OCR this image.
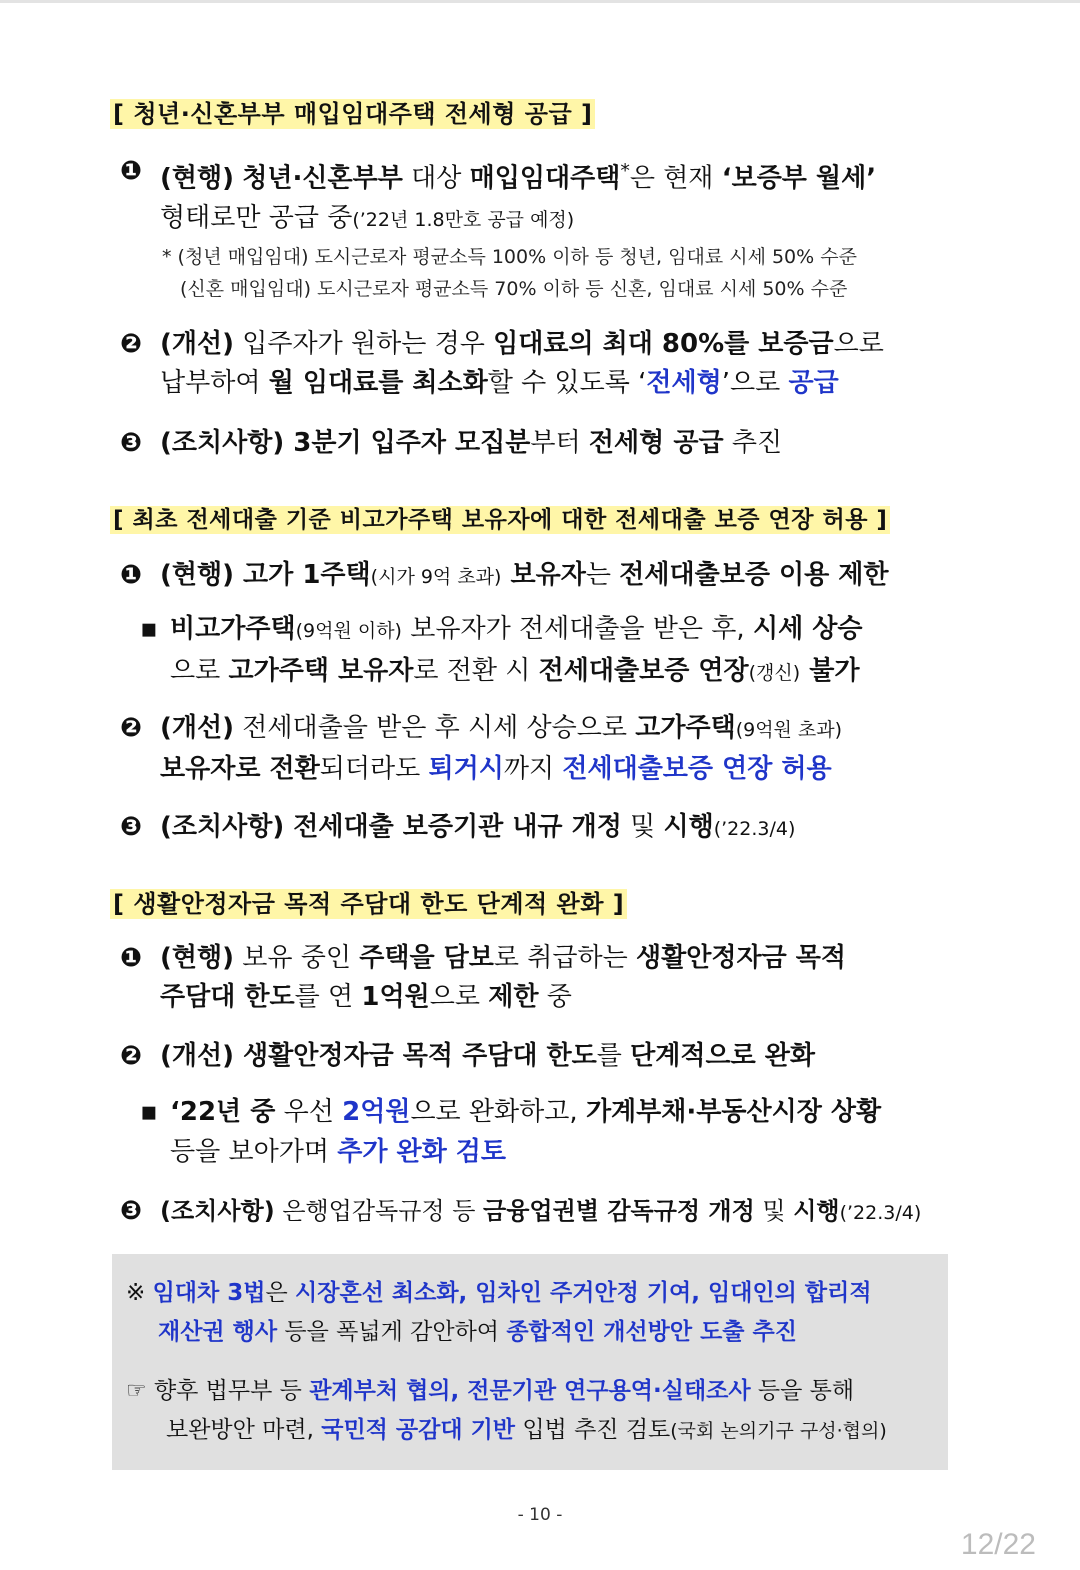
[ 청년·신혼부부 매입임대주택 전세형 공급 ]
❶ (현행) 청년·신혼부부 대상 매입임대주택*은 현재 ‘보증부 월세’
형태로만 공급 중(’22년 1.8만호 공급 예정)
* (청년 매입임대) 도시근로자 평균소득 100% 이하 등 청년, 임대료 시세 50% 수준
(신혼 매입임대) 도시근로자 평균소득 70% 이하 등 신혼, 임대료 시세 50% 수준
❷ (개선) 입주자가 원하는 경우 임대료의 최대 80%를 보증금으로
납부하여 월 임대료를 최소화할 수 있도록 ‘전세형’으로 공급
❸ (조치사항) 3분기 입주자 모집분부터 전세형 공급 추진
[ 최초 전세대출 기준 비고가주택 보유자에 대한 전세대출 보증 연장 허용 ]
❶ (현행) 고가 1주택(시가 9억 초과) 보유자는 전세대출보증 이용 제한
▪ 비고가주택(9억원 이하) 보유자가 전세대출을 받은 후, 시세 상승
으로 고가주택 보유자로 전환 시 전세대출보증 연장(갱신) 불가
❷ (개선) 전세대출을 받은 후 시세 상승으로 고가주택(9억원 초과)
보유자로 전환되더라도 퇴거시까지 전세대출보증 연장 허용
❸ (조치사항) 전세대출 보증기관 내규 개정 및 시행(’22.3/4)
[ 생활안정자금 목적 주담대 한도 단계적 완화 ]
❶ (현행) 보유 중인 주택을 담보로 취급하는 생활안정자금 목적
주담대 한도를 연 1억원으로 제한 중
❷ (개선) 생활안정자금 목적 주담대 한도를 단계적으로 완화
▪ ‘22년 중 우선 2억원으로 완화하고, 가계부채·부동산시장 상황
등을 보아가며 추가 완화 검토
❸ (조치사항) 은행업감독규정 등 금융업권별 감독규정 개정 및 시행(’22.3/4)
※ 임대차 3법은 시장혼선 최소화, 임차인 주거안정 기여, 임대인의 합리적
재산권 행사 등을 폭넓게 감안하여 종합적인 개선방안 도출 추진
☞ 향후 법무부 등 관계부처 협의, 전문기관 연구용역·실태조사 등을 통해
보완방안 마련, 국민적 공감대 기반 입법 추진 검토(국회 논의기구 구성·협의)
- 10 -
12/22
